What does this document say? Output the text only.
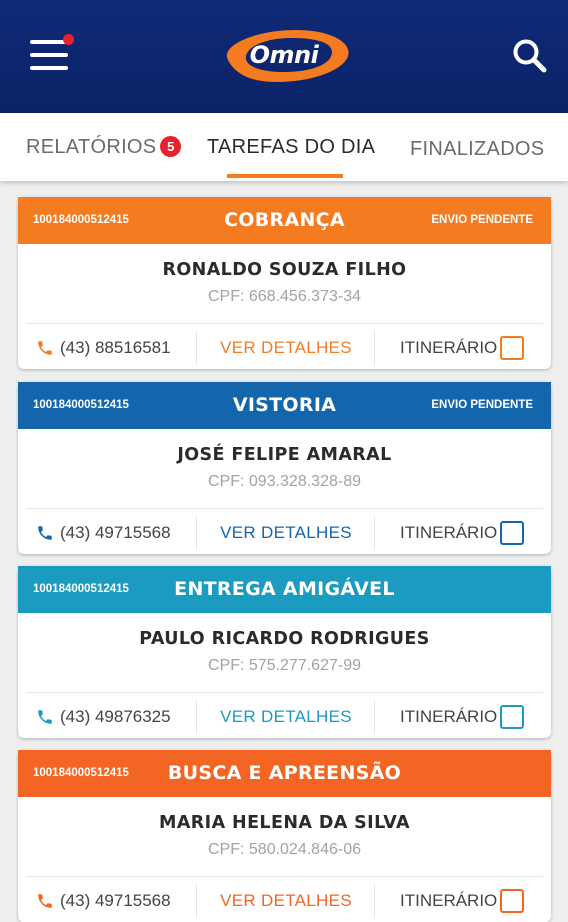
Omni
RELATÓRIOS 5	TAREFAS DO DIA FINALIZADOS
100184000512415	COBRANÇA	ENVIO PENDENTE
RONALDO SOUZA FILHO
CPF: 668.456.373-34
(43) 88516581	VER DETALHES	ITINERÁRIO
100184000512415	VISTORIA	ENVIO PENDENTE
JOSÉ FELIPE AMARAL
CPF: 093.328.328-89
(43) 49715568	VER DETALHES	ITINERÁRIO
100184000512415	ENTREGA AMIGÁVEL
PAULO RICARDO RODRIGUES
CPF: 575.277.627-99
(43) 49876325	VER DETALHES	ITINERÁRIO
100184000512415	BUSCA E APREENSÃO
MARIA HELENA DA SILVA
CPF: 580.024.846-06
(43) 49715568	VER DETALHES	ITINERÁRIO
